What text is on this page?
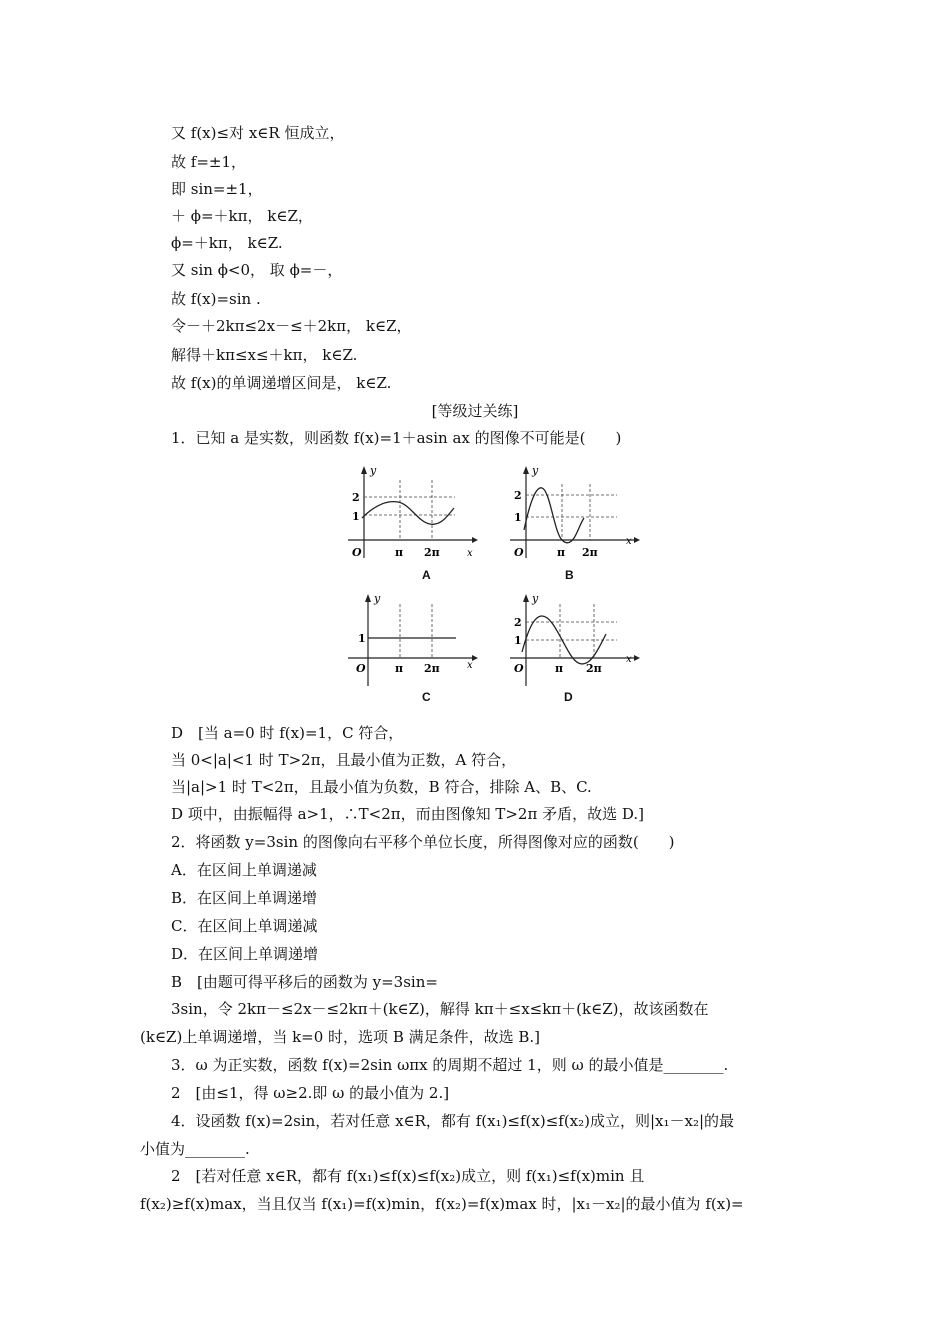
又 f(x)≤对 x∈R 恒成立，
故 f=±1，
即 sin=±1，
＋ ϕ=＋kπ， k∈Z，
ϕ=＋kπ， k∈Z.
又 sin ϕ<0， 取 ϕ=－，
故 f(x)=sin .
令－＋2kπ≤2x－≤＋2kπ， k∈Z，
解得＋kπ≤x≤＋kπ， k∈Z.
故 f(x)的单调递增区间是， k∈Z.
[等级过关练]
1．已知 a 是实数，则函数 f(x)=1＋asin ax 的图像不可能是(　　)
y
x
O
2
1
π 2π
A
y
x
O
2
1
π 2π
B
y
x
O
1
π 2π
C
y
x
O
2
1
π 2π
D
D　[当 a=0 时 f(x)=1，C 符合，
当 0<|a|<1 时 T>2π，且最小值为正数，A 符合，
当|a|>1 时 T<2π，且最小值为负数，B 符合，排除 A、B、C.
D 项中，由振幅得 a>1，∴T<2π，而由图像知 T>2π 矛盾，故选 D.]
2．将函数 y=3sin 的图像向右平移个单位长度，所得图像对应的函数(　　)
A．在区间上单调递减
B．在区间上单调递增
C．在区间上单调递减
D．在区间上单调递增
B　[由题可得平移后的函数为 y=3sin=
3sin，令 2kπ－≤2x－≤2kπ＋(k∈Z)，解得 kπ＋≤x≤kπ＋(k∈Z)，故该函数在
(k∈Z)上单调递增，当 k=0 时，选项 B 满足条件，故选 B.]
3．ω 为正实数，函数 f(x)=2sin ωπx 的周期不超过 1，则 ω 的最小值是________.
2　[由≤1，得 ω≥2.即 ω 的最小值为 2.]
4．设函数 f(x)=2sin，若对任意 x∈R，都有 f(x₁)≤f(x)≤f(x₂)成立，则|x₁－x₂|的最
小值为________.
2　[若对任意 x∈R，都有 f(x₁)≤f(x)≤f(x₂)成立，则 f(x₁)≤f(x)min 且
f(x₂)≥f(x)max，当且仅当 f(x₁)=f(x)min，f(x₂)=f(x)max 时，|x₁－x₂|的最小值为 f(x)=
